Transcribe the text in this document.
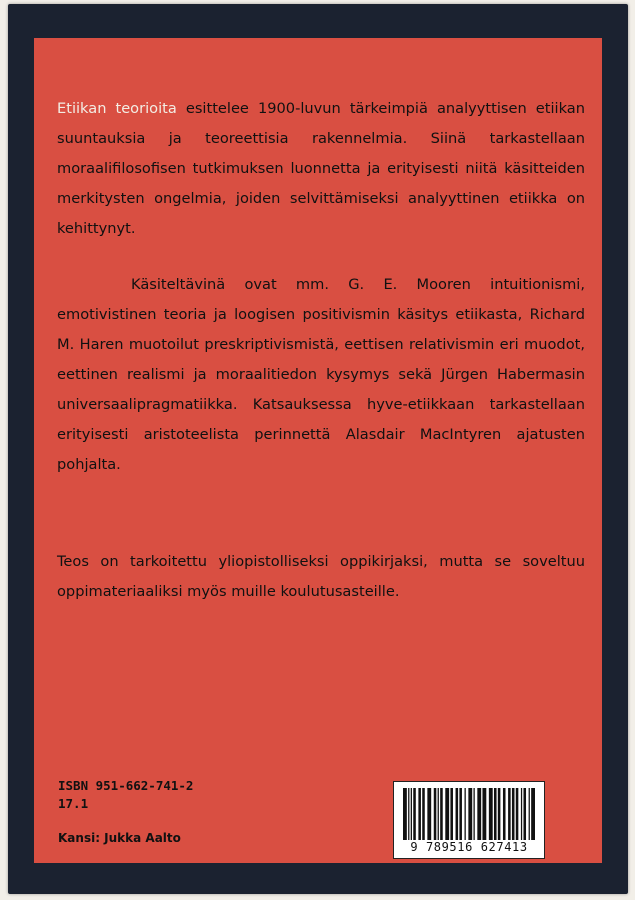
Etiikan teorioita esittelee 1900-luvun tärkeimpiä analyyttisen etiikan suuntauksia ja teoreettisia rakennelmia. Siinä tarkastellaan moraalifilosofisen tutkimuksen luonnetta ja erityisesti niitä käsitteiden merkitysten ongelmia, joiden selvittämiseksi analyyttinen etiikka on kehittynyt.

Käsiteltävinä ovat mm. G. E. Mooren intuitionismi, emotivistinen teoria ja loogisen positivismin käsitys etiikasta, Richard M. Haren muotoilut preskriptivismistä, eettisen relativismin eri muodot, eettinen realismi ja moraalitiedon kysymys sekä Jürgen Habermasin universaalipragmatiikka. Katsauksessa hyve-etiikkaan tarkastellaan erityisesti aristoteelista perinnettä Alasdair MacIntyren ajatusten pohjalta.

Teos on tarkoitettu yliopistolliseksi oppikirjaksi, mutta se soveltuu oppimateriaaliksi myös muille koulutusasteille.

ISBN 951-662-741-2
17.1
Kansi: Jukka Aalto
9 789516 627413
